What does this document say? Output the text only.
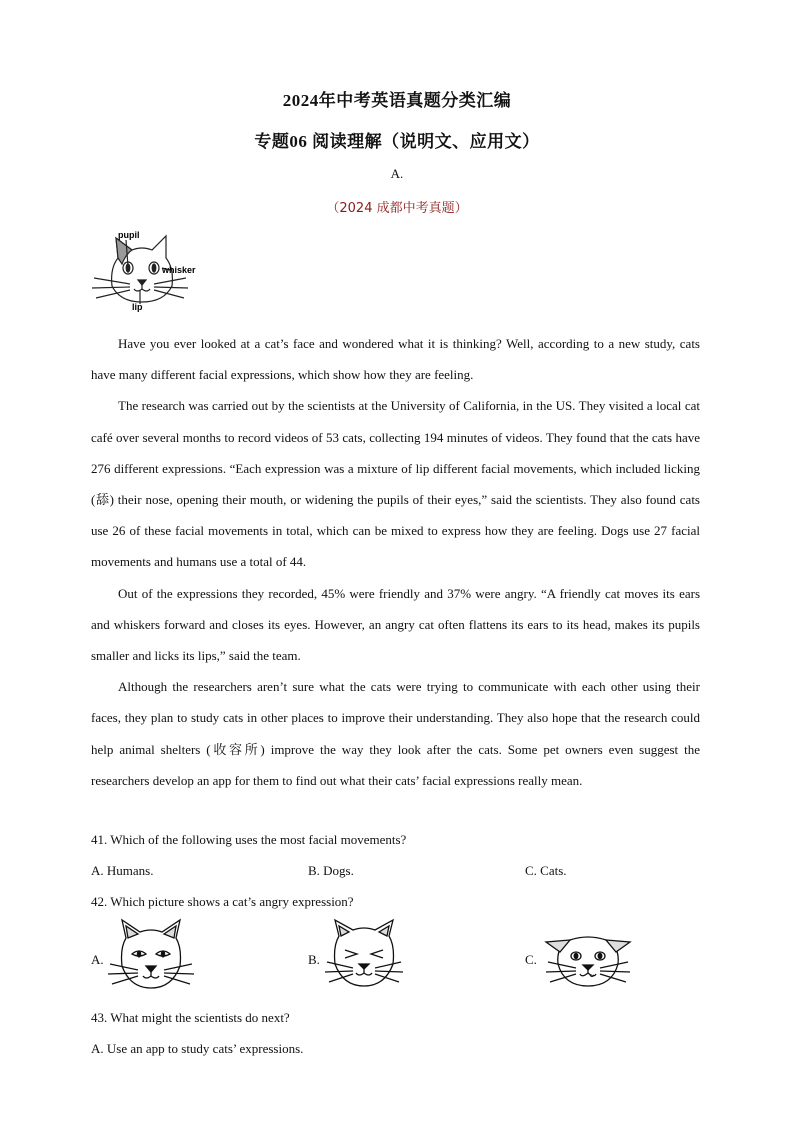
2024年中考英语真题分类汇编
专题06 阅读理解（说明文、应用文）
A.
（2024 成都中考真题）
pupil
whisker
lip

Have you ever looked at a cat’s face and wondered what it is thinking? Well, according to a new study, cats have many different facial expressions, which show how they are feeling.

The research was carried out by the scientists at the University of California, in the US. They visited a local cat café over several months to record videos of 53 cats, collecting 194 minutes of videos. They found that the cats have 276 different expressions. “Each expression was a mixture of lip different facial movements, which included licking (舔) their nose, opening their mouth, or widening the pupils of their eyes,” said the scientists. They also found cats use 26 of these facial movements in total, which can be mixed to express how they are feeling. Dogs use 27 facial movements and humans use a total of 44.

Out of the expressions they recorded, 45% were friendly and 37% were angry. “A friendly cat moves its ears and whiskers forward and closes its eyes. However, an angry cat often flattens its ears to its head, makes its pupils smaller and licks its lips,” said the team.

Although the researchers aren’t sure what the cats were trying to communicate with each other using their faces, they plan to study cats in other places to improve their understanding. They also hope that the research could help animal shelters (收容所) improve the way they look after the cats. Some pet owners even suggest the researchers develop an app for them to find out what their cats’ facial expressions really mean.

41. Which of the following uses the most facial movements?
A. Humans.	B. Dogs.	C. Cats.
42. Which picture shows a cat’s angry expression?
A.	B.	C.
43. What might the scientists do next?
A. Use an app to study cats’ expressions.
